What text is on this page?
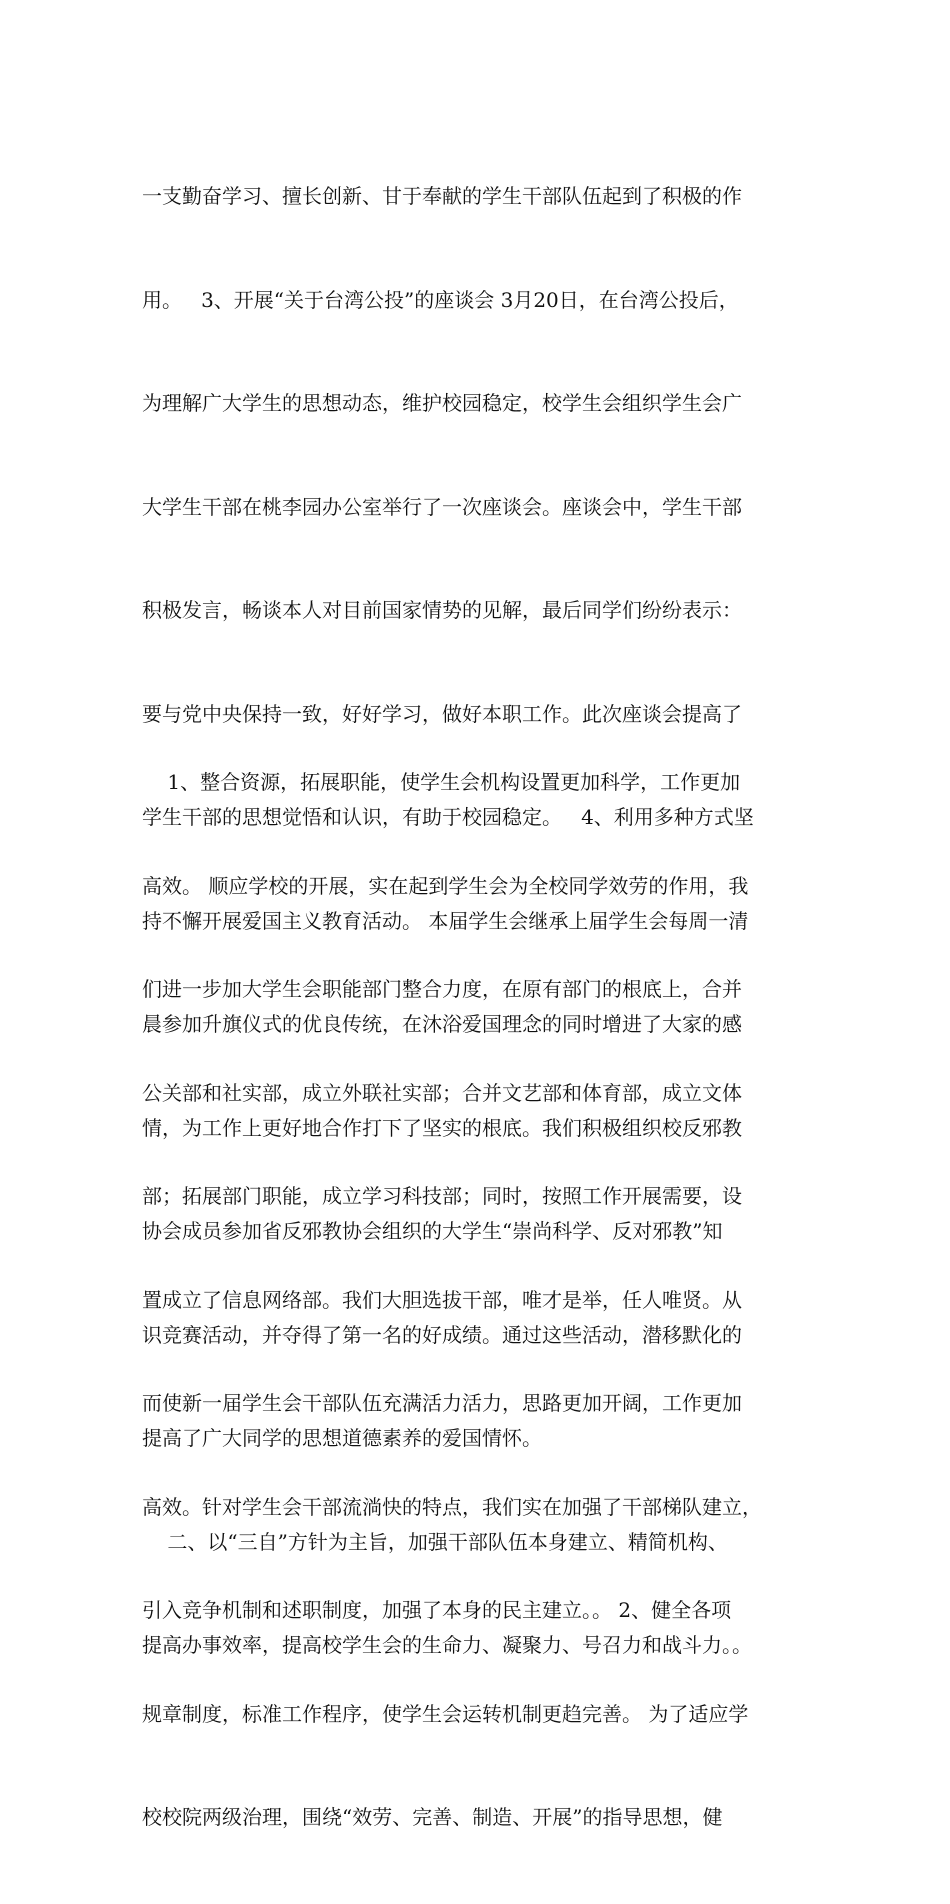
一支勤奋学习、擅长创新、甘于奉献的学生干部队伍起到了积极的作

用。   3、开展“关于台湾公投”的座谈会 3月20日，在台湾公投后，

为理解广大学生的思想动态，维护校园稳定，校学生会组织学生会广

大学生干部在桃李园办公室举行了一次座谈会。座谈会中，学生干部

积极发言，畅谈本人对目前国家情势的见解，最后同学们纷纷表示：

要与党中央保持一致，好好学习，做好本职工作。此次座谈会提高了

学生干部的思想觉悟和认识，有助于校园稳定。   4、利用多种方式坚

持不懈开展爱国主义教育活动。 本届学生会继承上届学生会每周一清

晨参加升旗仪式的优良传统，在沐浴爱国理念的同时增进了大家的感

情，为工作上更好地合作打下了坚实的根底。我们积极组织校反邪教

协会成员参加省反邪教协会组织的大学生“崇尚科学、反对邪教”知

识竞赛活动，并夺得了第一名的好成绩。通过这些活动，潜移默化的

提高了广大同学的思想道德素养的爱国情怀。

二、以“三自”方针为主旨，加强干部队伍本身建立、精简机构、

提高办事效率，提高校学生会的生命力、凝聚力、号召力和战斗力。。

1、整合资源，拓展职能，使学生会机构设置更加科学，工作更加

高效。 顺应学校的开展，实在起到学生会为全校同学效劳的作用，我

们进一步加大学生会职能部门整合力度，在原有部门的根底上，合并

公关部和社实部，成立外联社实部；合并文艺部和体育部，成立文体

部；拓展部门职能，成立学习科技部；同时，按照工作开展需要，设

置成立了信息网络部。我们大胆选拔干部，唯才是举，任人唯贤。从

而使新一届学生会干部队伍充满活力活力，思路更加开阔，工作更加

高效。针对学生会干部流淌快的特点，我们实在加强了干部梯队建立，

引入竞争机制和述职制度，加强了本身的民主建立。。 2、健全各项

规章制度，标准工作程序，使学生会运转机制更趋完善。 为了适应学

校校院两级治理，围绕“效劳、完善、制造、开展”的指导思想，健
